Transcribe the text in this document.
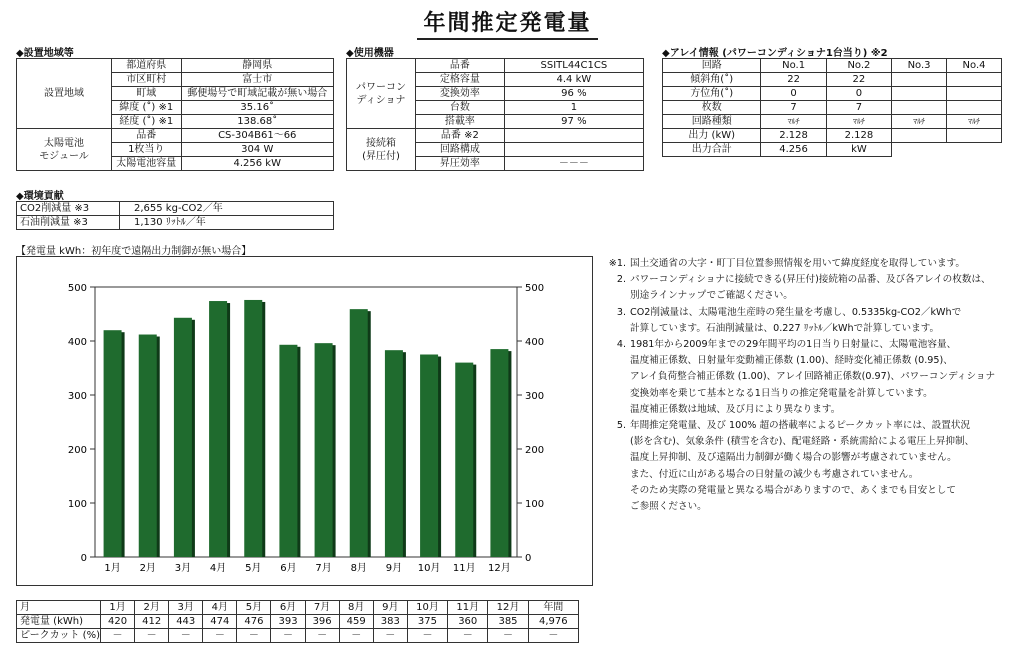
年間推定発電量
◆設置地域等
設置地域	都道府県	静岡県
	市区町村	富士市
	町域	郵便場号で町域記載が無い場合
	緯度 (˚) ※1	35.16˚
	経度 (˚) ※1	138.68˚
太陽電池
モジュール	品番	CS-304B61～66
	1枚当り	304 W
	太陽電池容量	4.256 kW
◆使用機器
パワーコン
ディショナ	品番	SSITL44C1CS
	定格容量	4.4 kW
	変換効率	96 %
	台数	1
	搭載率	97 %
接続箱
(昇圧付)	品番 ※2	
	回路構成	
	昇圧効率	－－－
◆アレイ情報 (パワーコンディショナ1台当り) ※2
回路	No.1	No.2	No.3	No.4
傾斜角(˚)	22	22		
方位角(˚)	0	0		
枚数	7	7		
回路種類	ﾏﾙﾁ	ﾏﾙﾁ	ﾏﾙﾁ	ﾏﾙﾁ
出力 (kW)	2.128	2.128		
出力合計	4.256	kW		
◆環境貢献
CO2削減量 ※3	2,655 kg-CO2／年
石油削減量 ※3	1,130 ﾘｯﾄﾙ／年
【発電量 kWh：初年度で遠隔出力制御が無い場合】
0	0
100	100
200	200
300	300
400	400
500	500
1月 2月 3月 4月 5月 6月 7月 8月 9月 10月 11月 12月
※1. 国土交通省の大字・町丁目位置参照情報を用いて緯度経度を取得しています。
2. パワーコンディショナに接続できる(昇圧付)接続箱の品番、及び各アレイの枚数は、
別途ラインナップでご確認ください。
3. CO2削減量は、太陽電池生産時の発生量を考慮し、0.5335kg-CO2／kWhで
計算しています。石油削減量は、0.227 ﾘｯﾄﾙ／kWhで計算しています。
4. 1981年から2009年までの29年間平均の1日当り日射量に、太陽電池容量、
温度補正係数、日射量年変動補正係数 (1.00)、経時変化補正係数 (0.95)、
アレイ負荷整合補正係数 (1.00)、アレイ回路補正係数(0.97)、パワーコンディショナ
変換効率を乗じて基本となる1日当りの推定発電量を計算しています。
温度補正係数は地域、及び月により異なります。
5. 年間推定発電量、及び 100% 超の搭載率によるピークカット率には、設置状況
(影を含む)、気象条件 (積雪を含む)、配電経路・系統需給による電圧上昇抑制、
温度上昇抑制、及び遠隔出力制御が働く場合の影響が考慮されていません。
また、付近に山がある場合の日射量の減少も考慮されていません。
そのため実際の発電量と異なる場合がありますので、あくまでも目安として
ご参照ください。
月	1月	2月	3月	4月	5月	6月	7月	8月	9月	10月	11月	12月	年間
発電量 (kWh)	420	412	443	474	476	393	396	459	383	375	360	385	4,976
ピークカット (%)	－	－	－	－	－	－	－	－	－	－	－	－	－
